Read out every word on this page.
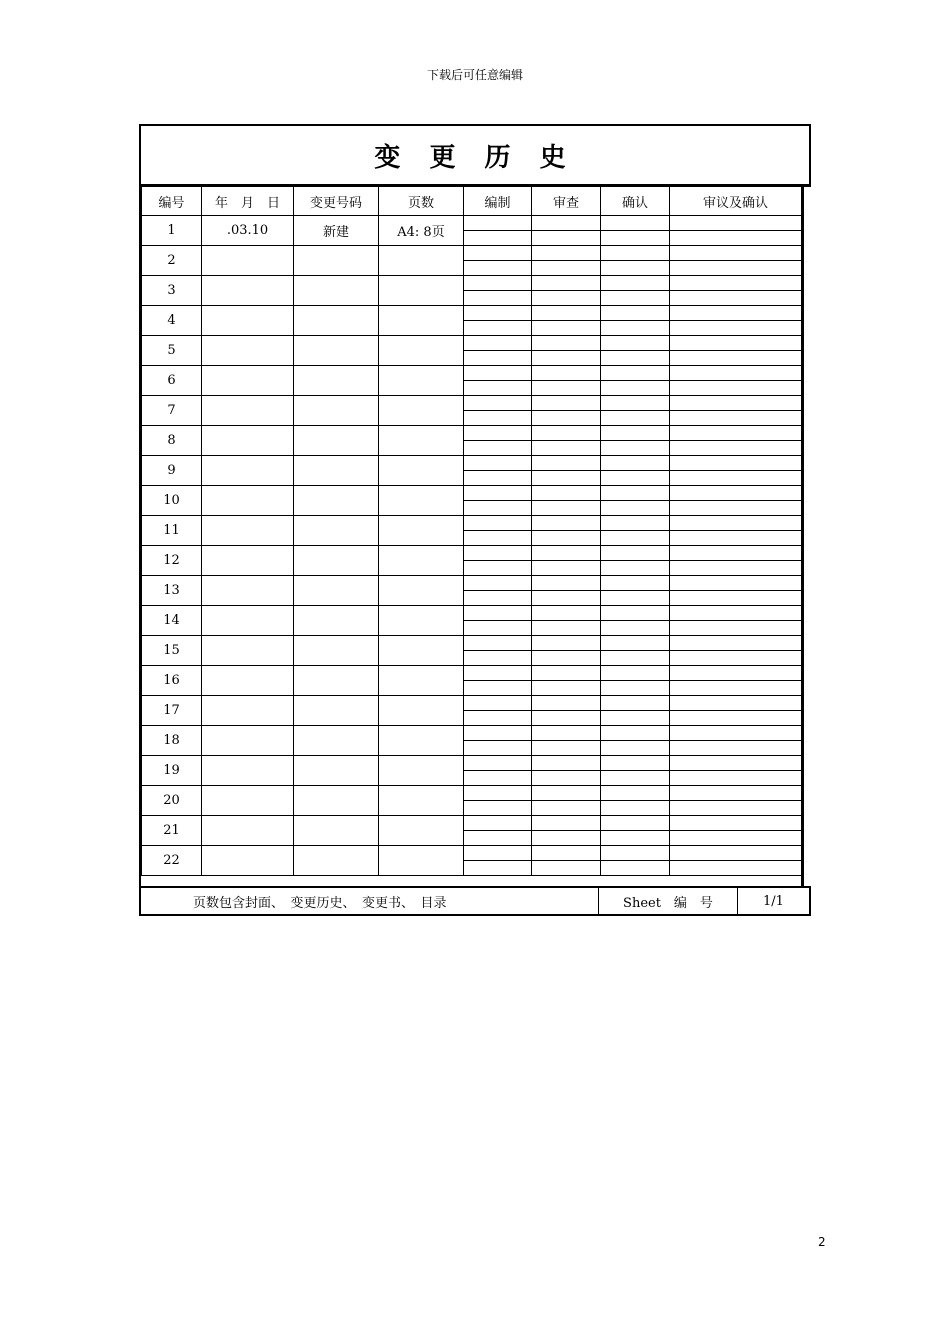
下载后可任意编辑
变 更 历 史
编号	年　月　日	变更号码	页数	编制	审查	确认	审议及确认
1	.03.10	新建	A4: 8页				

2							

3							

4							

5							

6							

7							

8							

9							

10							

11							

12							

13							

14							

15							

16							

17							

18							

19							

20							

21							

22							

页数包含封面、　变更历史、　变更书、　目录	Sheet　编　号	1/1
2
